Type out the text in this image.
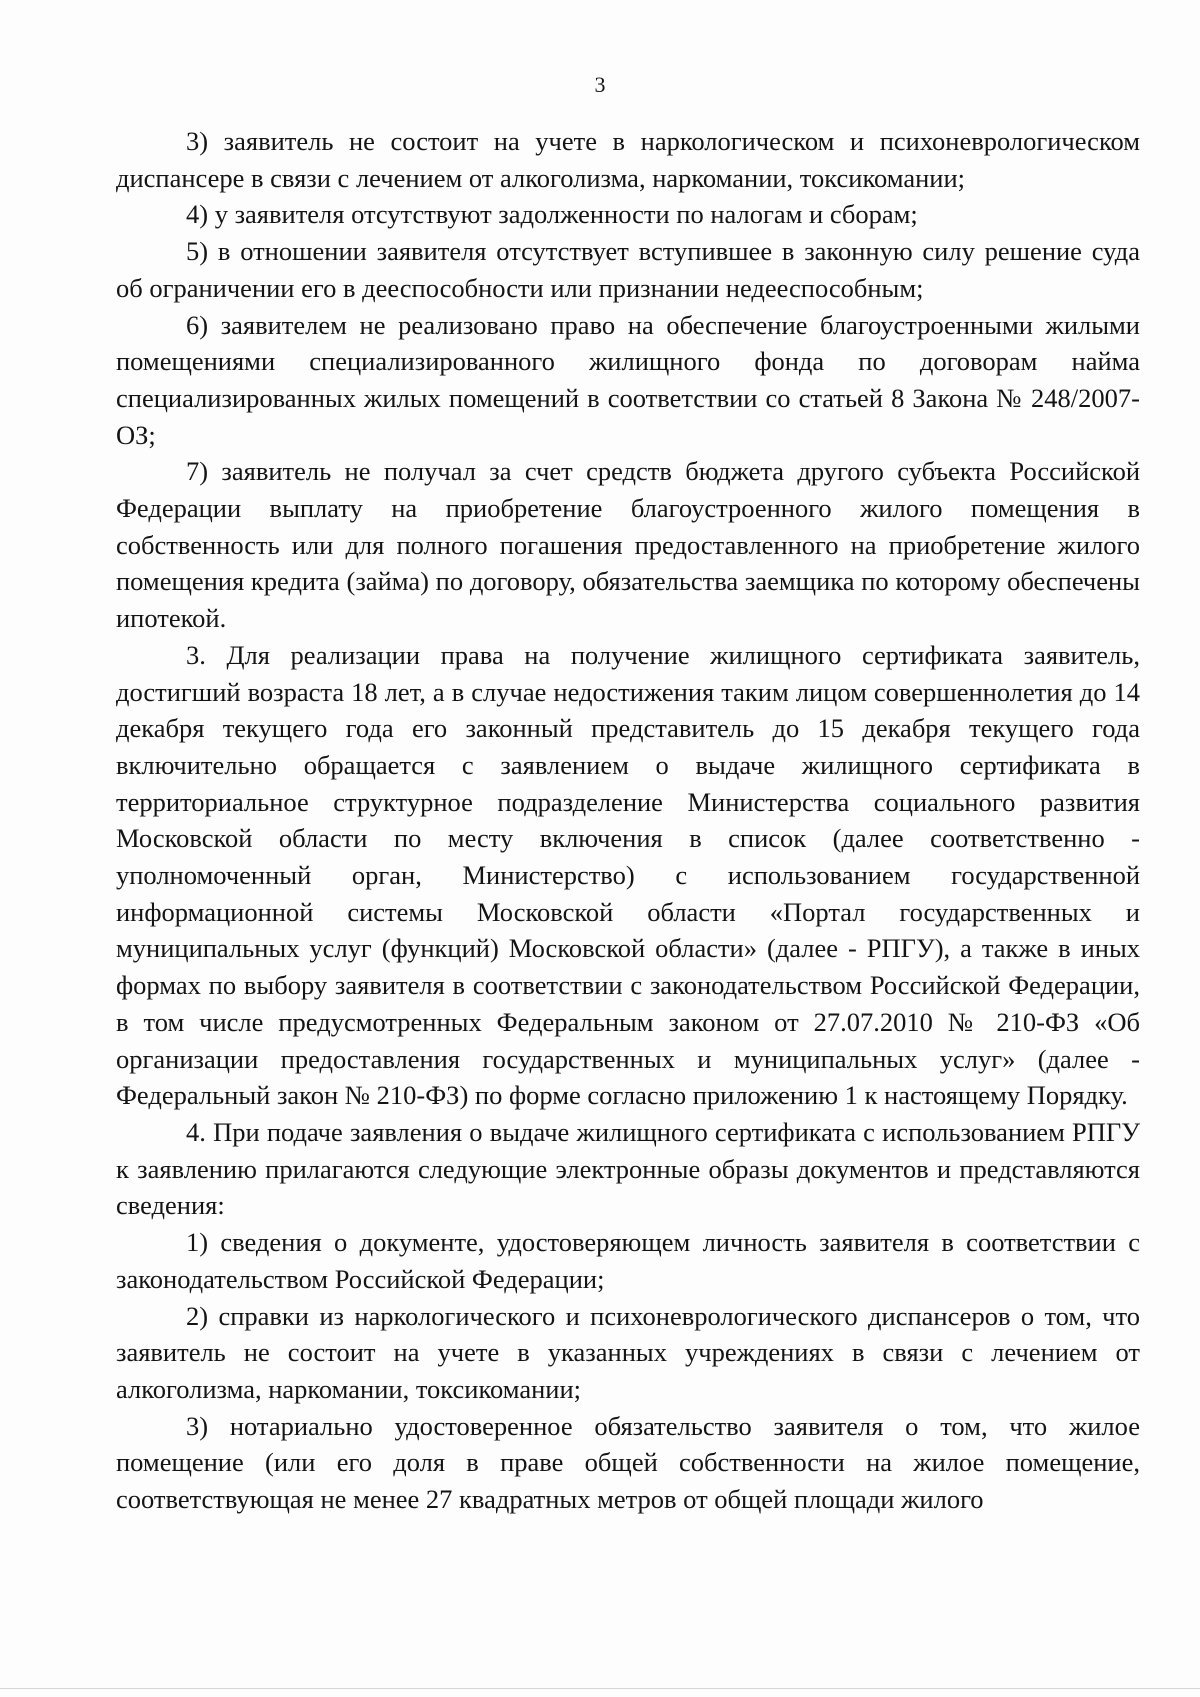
3

3) заявитель не состоит на учете в наркологическом и психоневрологическом диспансере в связи с лечением от алкоголизма, наркомании, токсикомании;

4) у заявителя отсутствуют задолженности по налогам и сборам;

5) в отношении заявителя отсутствует вступившее в законную силу решение суда об ограничении его в дееспособности или признании недееспособным;

6) заявителем не реализовано право на обеспечение благоустроенными жилыми помещениями специализированного жилищного фонда по договорам найма специализированных жилых помещений в соответствии со статьей 8 Закона № 248/2007-ОЗ;

7) заявитель не получал за счет средств бюджета другого субъекта Российской Федерации выплату на приобретение благоустроенного жилого помещения в собственность или для полного погашения предоставленного на приобретение жилого помещения кредита (займа) по договору, обязательства заемщика по которому обеспечены ипотекой.

3. Для реализации права на получение жилищного сертификата заявитель, достигший возраста 18 лет, а в случае недостижения таким лицом совершеннолетия до 14 декабря текущего года его законный представитель до 15 декабря текущего года включительно обращается с заявлением о выдаче жилищного сертификата в территориальное структурное подразделение Министерства социального развития Московской области по месту включения в список (далее соответственно - уполномоченный орган, Министерство) с использованием государственной информационной системы Московской области «Портал государственных и муниципальных услуг (функций) Московской области» (далее - РПГУ), а также в иных формах по выбору заявителя в соответствии с законодательством Российской Федерации, в том числе предусмотренных Федеральным законом от 27.07.2010 № 210-ФЗ «Об организации предоставления государственных и муниципальных услуг» (далее - Федеральный закон № 210-ФЗ) по форме согласно приложению 1 к настоящему Порядку.

4. При подаче заявления о выдаче жилищного сертификата с использованием РПГУ к заявлению прилагаются следующие электронные образы документов и представляются сведения:

1) сведения о документе, удостоверяющем личность заявителя в соответствии с законодательством Российской Федерации;

2) справки из наркологического и психоневрологического диспансеров о том, что заявитель не состоит на учете в указанных учреждениях в связи с лечением от алкоголизма, наркомании, токсикомании;

3) нотариально удостоверенное обязательство заявителя о том, что жилое помещение (или его доля в праве общей собственности на жилое помещение, соответствующая не менее 27 квадратных метров от общей площади жилого
